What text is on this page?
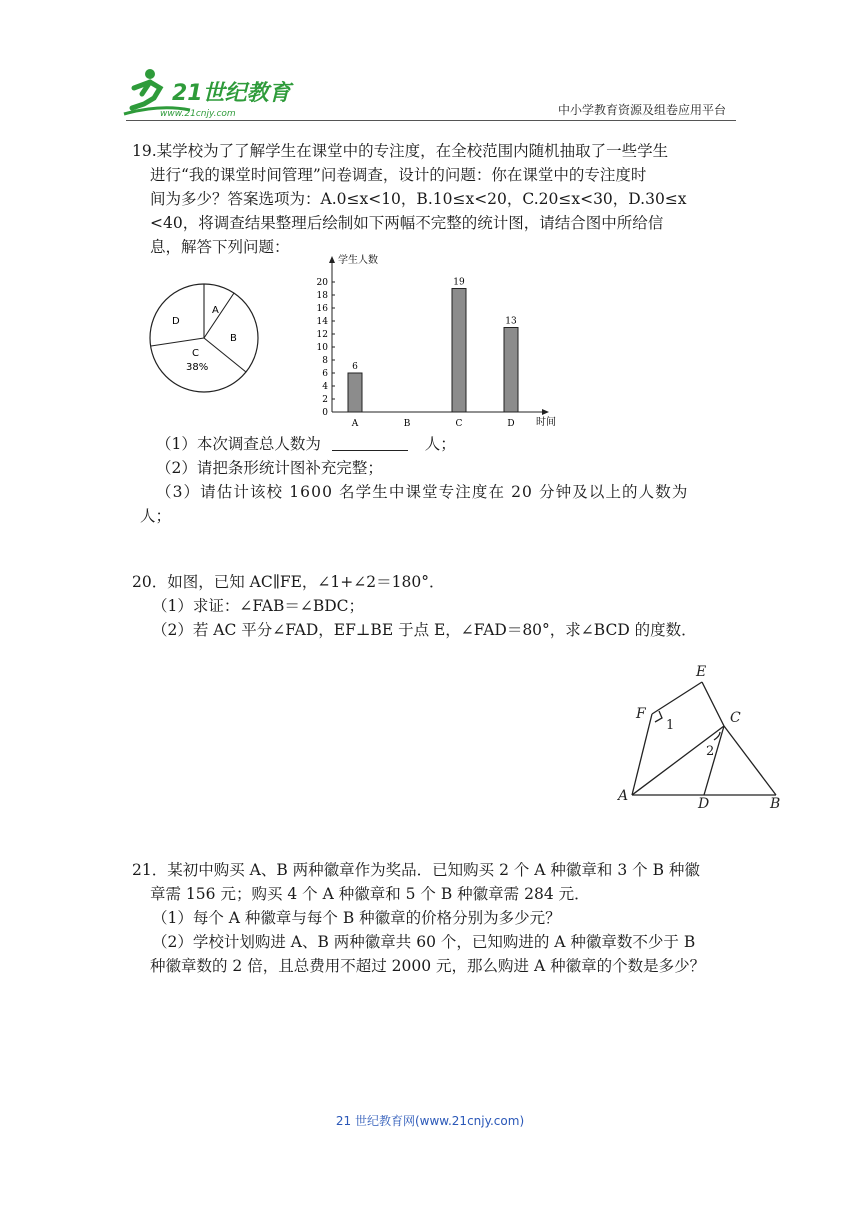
21世纪教育
www.21cnjy.com	中小学教育资源及组卷应用平台
19.某学校为了了解学生在课堂中的专注度，在全校范围内随机抽取了一些学生
进行“我的课堂时间管理”问卷调查，设计的问题：你在课堂中的专注度时
间为多少？答案选项为：A.0≤x<10，B.10≤x<20，C.20≤x<30，D.30≤x
<40，将调查结果整理后绘制如下两幅不完整的统计图，请结合图中所给信
息，解答下列问题：
A
B
C
38%
D
0
2
4
6
8
10
12
14
16
18
20
A
6
B	C
19
D
13
学生人数
时间
（1）本次调查总人数为	人；
（2）请把条形统计图补充完整；
（3）请估计该校 1600 名学生中课堂专注度在 20 分钟及以上的人数为
人；
20．如图，已知 AC∥FE，∠1+∠2＝180°．
（1）求证：∠FAB＝∠BDC；
（2）若 AC 平分∠FAD，EF⊥BE 于点 E，∠FAD＝80°，求∠BCD 的度数．
E
F	C
A	D	B
1
2
21．某初中购买 A、B 两种徽章作为奖品．已知购买 2 个 A 种徽章和 3 个 B 种徽
章需 156 元；购买 4 个 A 种徽章和 5 个 B 种徽章需 284 元．
（1）每个 A 种徽章与每个 B 种徽章的价格分别为多少元？
（2）学校计划购进 A、B 两种徽章共 60 个，已知购进的 A 种徽章数不少于 B
种徽章数的 2 倍，且总费用不超过 2000 元，那么购进 A 种徽章的个数是多少？
21 世纪教育网(www.21cnjy.com)
